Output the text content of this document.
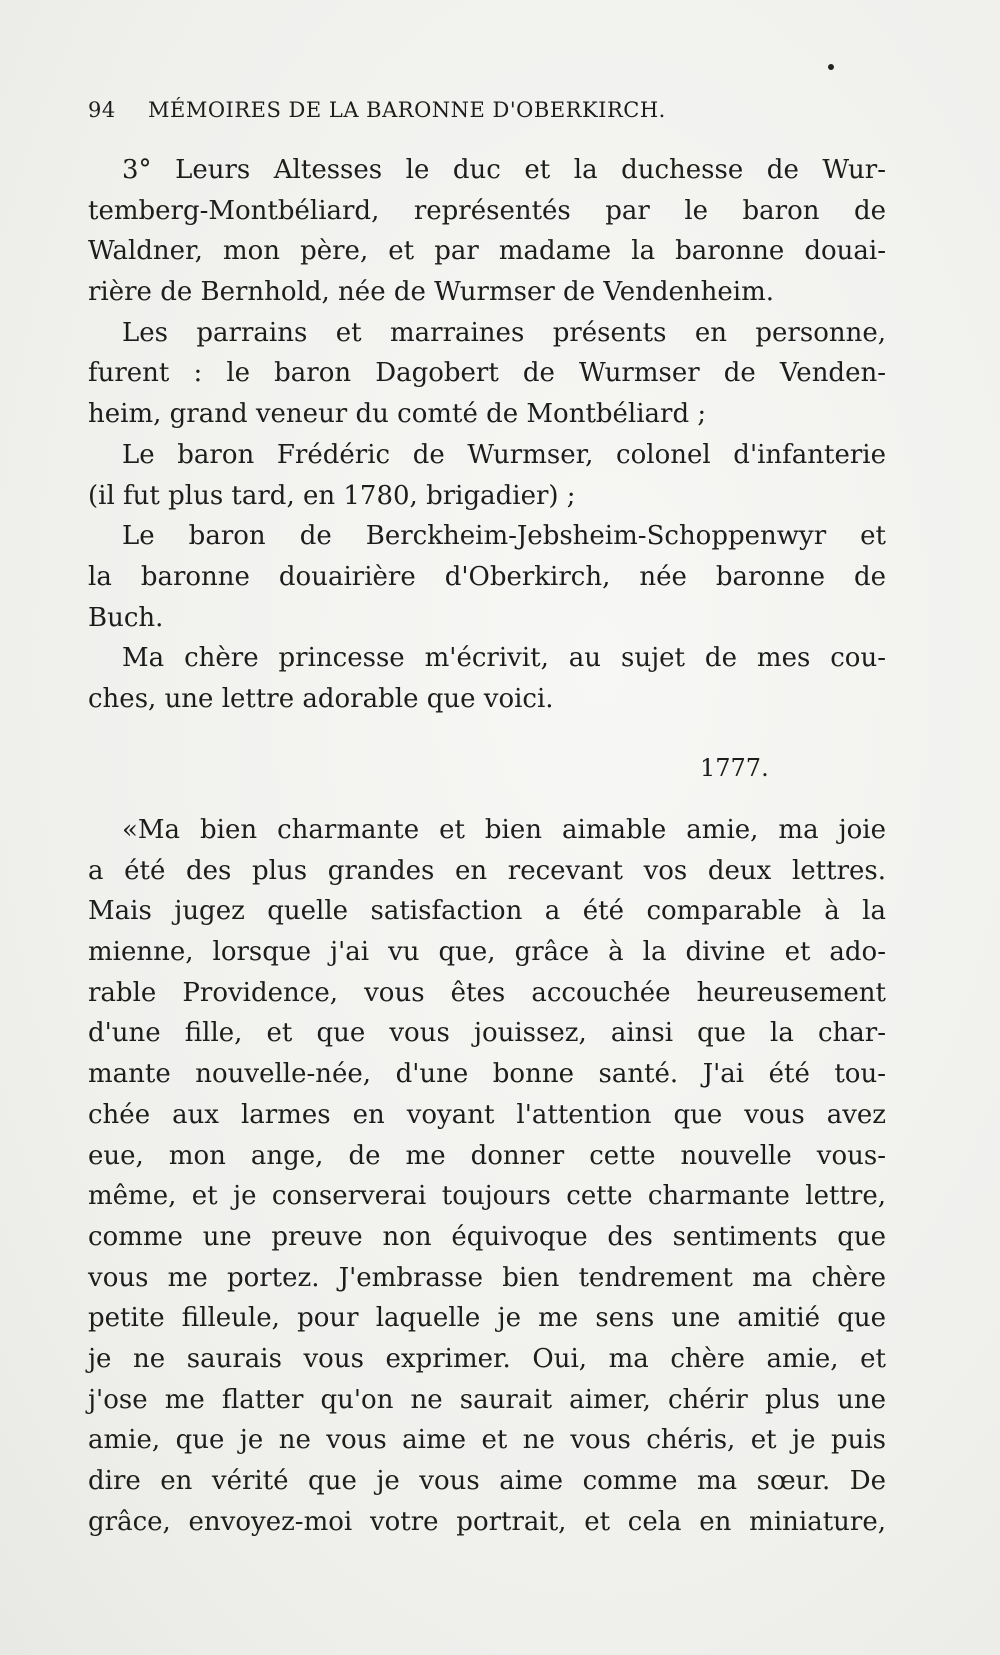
94 MÉMOIRES DE LA BARONNE D'OBERKIRCH.
3° Leurs Altesses le duc et la duchesse de Wur-
temberg-Montbéliard, représentés par le baron de
Waldner, mon père, et par madame la baronne douai-
rière de Bernhold, née de Wurmser de Vendenheim.
Les parrains et marraines présents en personne,
furent : le baron Dagobert de Wurmser de Venden-
heim, grand veneur du comté de Montbéliard ;
Le baron Frédéric de Wurmser, colonel d'infanterie
(il fut plus tard, en 1780, brigadier) ;
Le baron de Berckheim-Jebsheim-Schoppenwyr et
la baronne douairière d'Oberkirch, née baronne de
Buch.
Ma chère princesse m'écrivit, au sujet de mes cou-
ches, une lettre adorable que voici.
1777.
«Ma bien charmante et bien aimable amie, ma joie
a été des plus grandes en recevant vos deux lettres.
Mais jugez quelle satisfaction a été comparable à la
mienne, lorsque j'ai vu que, grâce à la divine et ado-
rable Providence, vous êtes accouchée heureusement
d'une fille, et que vous jouissez, ainsi que la char-
mante nouvelle-née, d'une bonne santé. J'ai été tou-
chée aux larmes en voyant l'attention que vous avez
eue, mon ange, de me donner cette nouvelle vous-
même, et je conserverai toujours cette charmante lettre,
comme une preuve non équivoque des sentiments que
vous me portez. J'embrasse bien tendrement ma chère
petite filleule, pour laquelle je me sens une amitié que
je ne saurais vous exprimer. Oui, ma chère amie, et
j'ose me flatter qu'on ne saurait aimer, chérir plus une
amie, que je ne vous aime et ne vous chéris, et je puis
dire en vérité que je vous aime comme ma sœur. De
grâce, envoyez-moi votre portrait, et cela en miniature,
